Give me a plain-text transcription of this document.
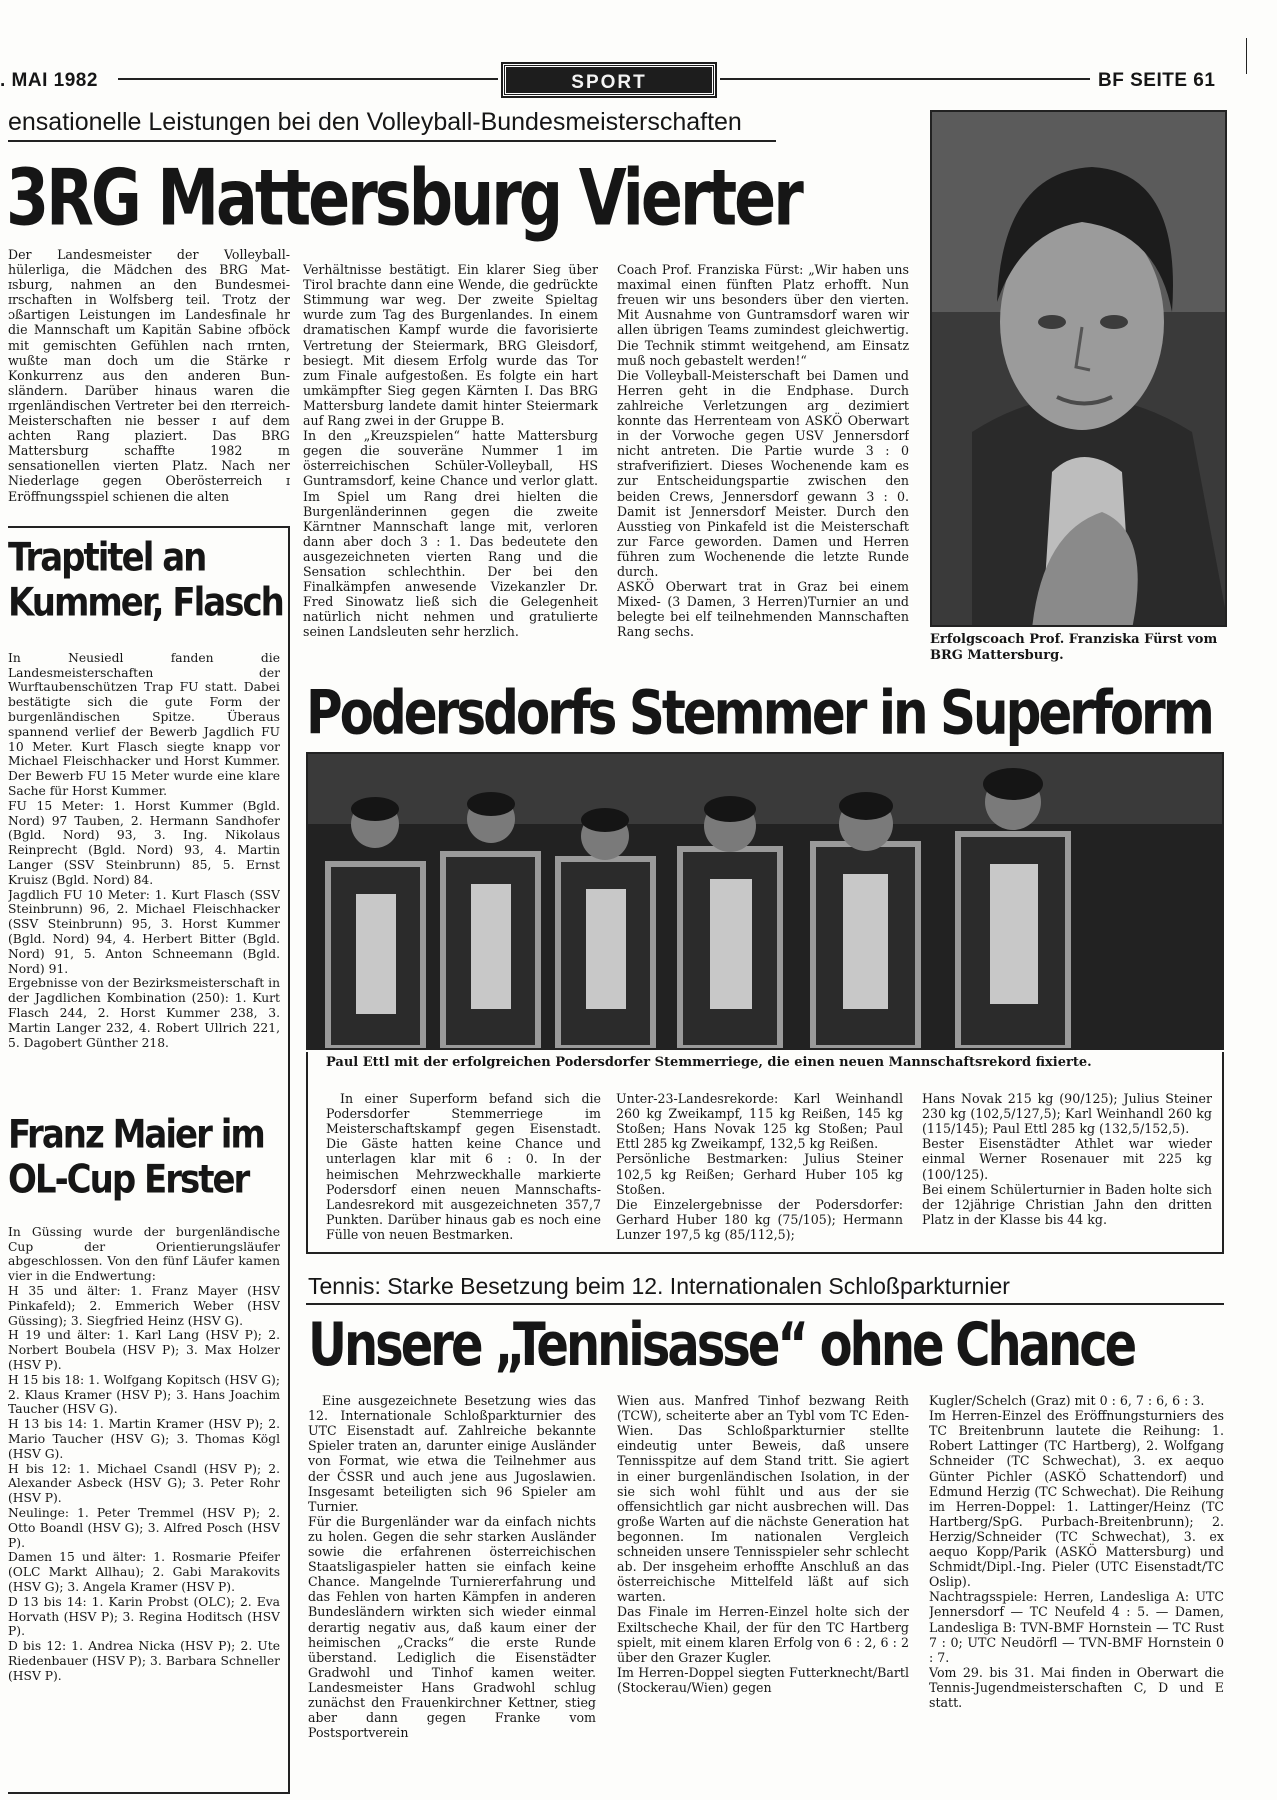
. MAI 1982	SPORT	BF SEITE 61
ensationelle Leistungen bei den Volleyball-Bundesmeisterschaften
3RG Mattersburg Vierter

Der Landesmeister der Volleyball- hülerliga, die Mädchen des BRG Mat- ɪsburg, nahmen an den Bundesmei- ɪrschaften in Wolfsberg teil. Trotz der ɔßartigen Leistungen im Landesfinale hr die Mannschaft um Kapitän Sabine ɔfböck mit gemischten Gefühlen nach ɪrnten, wußte man doch um die Stärke r Konkurrenz aus den anderen Bun- sländern. Darüber hinaus waren die ɪrgenländischen Vertreter bei den ɪterreich-Meisterschaften nie besser ɪ auf dem achten Rang plaziert. Das BRG Mattersburg schaffte 1982 ɪn sensationellen vierten Platz. Nach ner Niederlage gegen Oberösterreich ɪ Eröffnungsspiel schienen die alten

Verhältnisse bestätigt. Ein klarer Sieg über Tirol brachte dann eine Wende, die gedrückte Stimmung war weg. Der zweite Spieltag wurde zum Tag des Burgenlandes. In einem dramatischen Kampf wurde die favorisierte Vertretung der Steiermark, BRG Gleisdorf, besiegt. Mit diesem Erfolg wurde das Tor zum Finale aufgestoßen. Es folgte ein hart umkämpfter Sieg gegen Kärnten I. Das BRG Mattersburg landete damit hinter Steiermark auf Rang zwei in der Gruppe B.
In den „Kreuzspielen“ hatte Mattersburg gegen die souveräne Nummer 1 im österreichischen Schüler-Volleyball, HS Guntramsdorf, keine Chance und verlor glatt. Im Spiel um Rang drei hielten die Burgenländerinnen gegen die zweite Kärntner Mannschaft lange mit, verloren dann aber doch 3 : 1. Das bedeutete den ausgezeichneten vierten Rang und die Sensation schlechthin. Der bei den Finalkämpfen anwesende Vizekanzler Dr. Fred Sinowatz ließ sich die Gelegenheit natürlich nicht nehmen und gratulierte seinen Landsleuten sehr herzlich.

Coach Prof. Franziska Fürst: „Wir haben uns maximal einen fünften Platz erhofft. Nun freuen wir uns besonders über den vierten. Mit Ausnahme von Guntramsdorf waren wir allen übrigen Teams zumindest gleichwertig. Die Technik stimmt weitgehend, am Einsatz muß noch gebastelt werden!“
Die Volleyball-Meisterschaft bei Damen und Herren geht in die Endphase. Durch zahlreiche Verletzungen arg dezimiert konnte das Herrenteam von ASKÖ Oberwart in der Vorwoche gegen USV Jennersdorf nicht antreten. Die Partie wurde 3 : 0 strafverifiziert. Dieses Wochenende kam es zur Entscheidungspartie zwischen den beiden Crews, Jennersdorf gewann 3 : 0. Damit ist Jennersdorf Meister. Durch den Ausstieg von Pinkafeld ist die Meisterschaft zur Farce geworden. Damen und Herren führen zum Wochenende die letzte Runde durch.
ASKÖ Oberwart trat in Graz bei einem Mixed- (3 Damen, 3 Herren)Turnier an und belegte bei elf teilnehmenden Mannschaften Rang sechs.

Erfolgscoach Prof. Franziska Fürst vom BRG Mattersburg.
Traptitel an
Kummer, Flasch

In Neusiedl fanden die Landesmeisterschaften der Wurftaubenschützen Trap FU statt. Dabei bestätigte sich die gute Form der burgenländischen Spitze. Überaus spannend verlief der Bewerb Jagdlich FU 10 Meter. Kurt Flasch siegte knapp vor Michael Fleischhacker und Horst Kummer. Der Bewerb FU 15 Meter wurde eine klare Sache für Horst Kummer.
FU 15 Meter: 1. Horst Kummer (Bgld. Nord) 97 Tauben, 2. Hermann Sandhofer (Bgld. Nord) 93, 3. Ing. Nikolaus Reinprecht (Bgld. Nord) 93, 4. Martin Langer (SSV Steinbrunn) 85, 5. Ernst Kruisz (Bgld. Nord) 84.
Jagdlich FU 10 Meter: 1. Kurt Flasch (SSV Steinbrunn) 96, 2. Michael Fleischhacker (SSV Steinbrunn) 95, 3. Horst Kummer (Bgld. Nord) 94, 4. Herbert Bitter (Bgld. Nord) 91, 5. Anton Schneemann (Bgld. Nord) 91.
Ergebnisse von der Bezirksmeisterschaft in der Jagdlichen Kombination (250): 1. Kurt Flasch 244, 2. Horst Kummer 238, 3. Martin Langer 232, 4. Robert Ullrich 221, 5. Dagobert Günther 218.

Franz Maier im
OL-Cup Erster

In Güssing wurde der burgenländische Cup der Orientierungsläufer abgeschlossen. Von den fünf Läufer kamen vier in die Endwertung:
H 35 und älter: 1. Franz Mayer (HSV Pinkafeld); 2. Emmerich Weber (HSV Güssing); 3. Siegfried Heinz (HSV G).
H 19 und älter: 1. Karl Lang (HSV P); 2. Norbert Boubela (HSV P); 3. Max Holzer (HSV P).
H 15 bis 18: 1. Wolfgang Kopitsch (HSV G); 2. Klaus Kramer (HSV P); 3. Hans Joachim Taucher (HSV G).
H 13 bis 14: 1. Martin Kramer (HSV P); 2. Mario Taucher (HSV G); 3. Thomas Kögl (HSV G).
H bis 12: 1. Michael Csandl (HSV P); 2. Alexander Asbeck (HSV G); 3. Peter Rohr (HSV P).
Neulinge: 1. Peter Tremmel (HSV P); 2. Otto Boandl (HSV G); 3. Alfred Posch (HSV P).
Damen 15 und älter: 1. Rosmarie Pfeifer (OLC Markt Allhau); 2. Gabi Marakovits (HSV G); 3. Angela Kramer (HSV P).
D 13 bis 14: 1. Karin Probst (OLC); 2. Eva Horvath (HSV P); 3. Regina Hoditsch (HSV P).
D bis 12: 1. Andrea Nicka (HSV P); 2. Ute Riedenbauer (HSV P); 3. Barbara Schneller (HSV P).

Podersdorfs Stemmer in Superform
Paul Ettl mit der erfolgreichen Podersdorfer Stemmerriege, die einen neuen Mannschaftsrekord fixierte.

In einer Superform befand sich die Podersdorfer Stemmerriege im Meisterschaftskampf gegen Eisenstadt. Die Gäste hatten keine Chance und unterlagen klar mit 6 : 0. In der heimischen Mehrzweckhalle markierte Podersdorf einen neuen Mannschafts-Landesrekord mit ausgezeichneten 357,7 Punkten. Darüber hinaus gab es noch eine Fülle von neuen Bestmarken.

Unter-23-Landesrekorde: Karl Weinhandl 260 kg Zweikampf, 115 kg Reißen, 145 kg Stoßen; Hans Novak 125 kg Stoßen; Paul Ettl 285 kg Zweikampf, 132,5 kg Reißen.
Persönliche Bestmarken: Julius Steiner 102,5 kg Reißen; Gerhard Huber 105 kg Stoßen.
Die Einzelergebnisse der Podersdorfer: Gerhard Huber 180 kg (75/105); Hermann Lunzer 197,5 kg (85/112,5);

Hans Novak 215 kg (90/125); Julius Steiner 230 kg (102,5/127,5); Karl Weinhandl 260 kg (115/145); Paul Ettl 285 kg (132,5/152,5).
Bester Eisenstädter Athlet war wieder einmal Werner Rosenauer mit 225 kg (100/125).
Bei einem Schülerturnier in Baden holte sich der 12jährige Christian Jahn den dritten Platz in der Klasse bis 44 kg.

Tennis: Starke Besetzung beim 12. Internationalen Schloßparkturnier
Unsere „Tennisasse“ ohne Chance

Eine ausgezeichnete Besetzung wies das 12. Internationale Schloßparkturnier des UTC Eisenstadt auf. Zahlreiche bekannte Spieler traten an, darunter einige Ausländer von Format, wie etwa die Teilnehmer aus der ČSSR und auch jene aus Jugoslawien. Insgesamt beteiligten sich 96 Spieler am Turnier.
Für die Burgenländer war da einfach nichts zu holen. Gegen die sehr starken Ausländer sowie die erfahrenen österreichischen Staatsligaspieler hatten sie einfach keine Chance. Mangelnde Turniererfahrung und das Fehlen von harten Kämpfen in anderen Bundesländern wirkten sich wieder einmal derartig negativ aus, daß kaum einer der heimischen „Cracks“ die erste Runde überstand. Lediglich die Eisenstädter Gradwohl und Tinhof kamen weiter. Landesmeister Hans Gradwohl schlug zunächst den Frauenkirchner Kettner, stieg aber dann gegen Franke vom Postsportverein

Wien aus. Manfred Tinhof bezwang Reith (TCW), scheiterte aber an Tybl vom TC Eden-Wien. Das Schloßparkturnier stellte eindeutig unter Beweis, daß unsere Tennisspitze auf dem Stand tritt. Sie agiert in einer burgenländischen Isolation, in der sie sich wohl fühlt und aus der sie offensichtlich gar nicht ausbrechen will. Das große Warten auf die nächste Generation hat begonnen. Im nationalen Vergleich schneiden unsere Tennisspieler sehr schlecht ab. Der insgeheim erhoffte Anschluß an das österreichische Mittelfeld läßt auf sich warten.
Das Finale im Herren-Einzel holte sich der Exiltscheche Khail, der für den TC Hartberg spielt, mit einem klaren Erfolg von 6 : 2, 6 : 2 über den Grazer Kugler.
Im Herren-Doppel siegten Futterknecht/Bartl (Stockerau/Wien) gegen

Kugler/Schelch (Graz) mit 0 : 6, 7 : 6, 6 : 3.
Im Herren-Einzel des Eröffnungsturniers des TC Breitenbrunn lautete die Reihung: 1. Robert Lattinger (TC Hartberg), 2. Wolfgang Schneider (TC Schwechat), 3. ex aequo Günter Pichler (ASKÖ Schattendorf) und Edmund Herzig (TC Schwechat). Die Reihung im Herren-Doppel: 1. Lattinger/Heinz (TC Hartberg/SpG. Purbach-Breitenbrunn); 2. Herzig/Schneider (TC Schwechat), 3. ex aequo Kopp/Parik (ASKÖ Mattersburg) und Schmidt/Dipl.-Ing. Pieler (UTC Eisenstadt/TC Oslip).
Nachtragsspiele: Herren, Landesliga A: UTC Jennersdorf — TC Neufeld 4 : 5. — Damen, Landesliga B: TVN-BMF Hornstein — TC Rust 7 : 0; UTC Neudörfl — TVN-BMF Hornstein 0 : 7.
Vom 29. bis 31. Mai finden in Oberwart die Tennis-Jugendmeisterschaften C, D und E statt.
